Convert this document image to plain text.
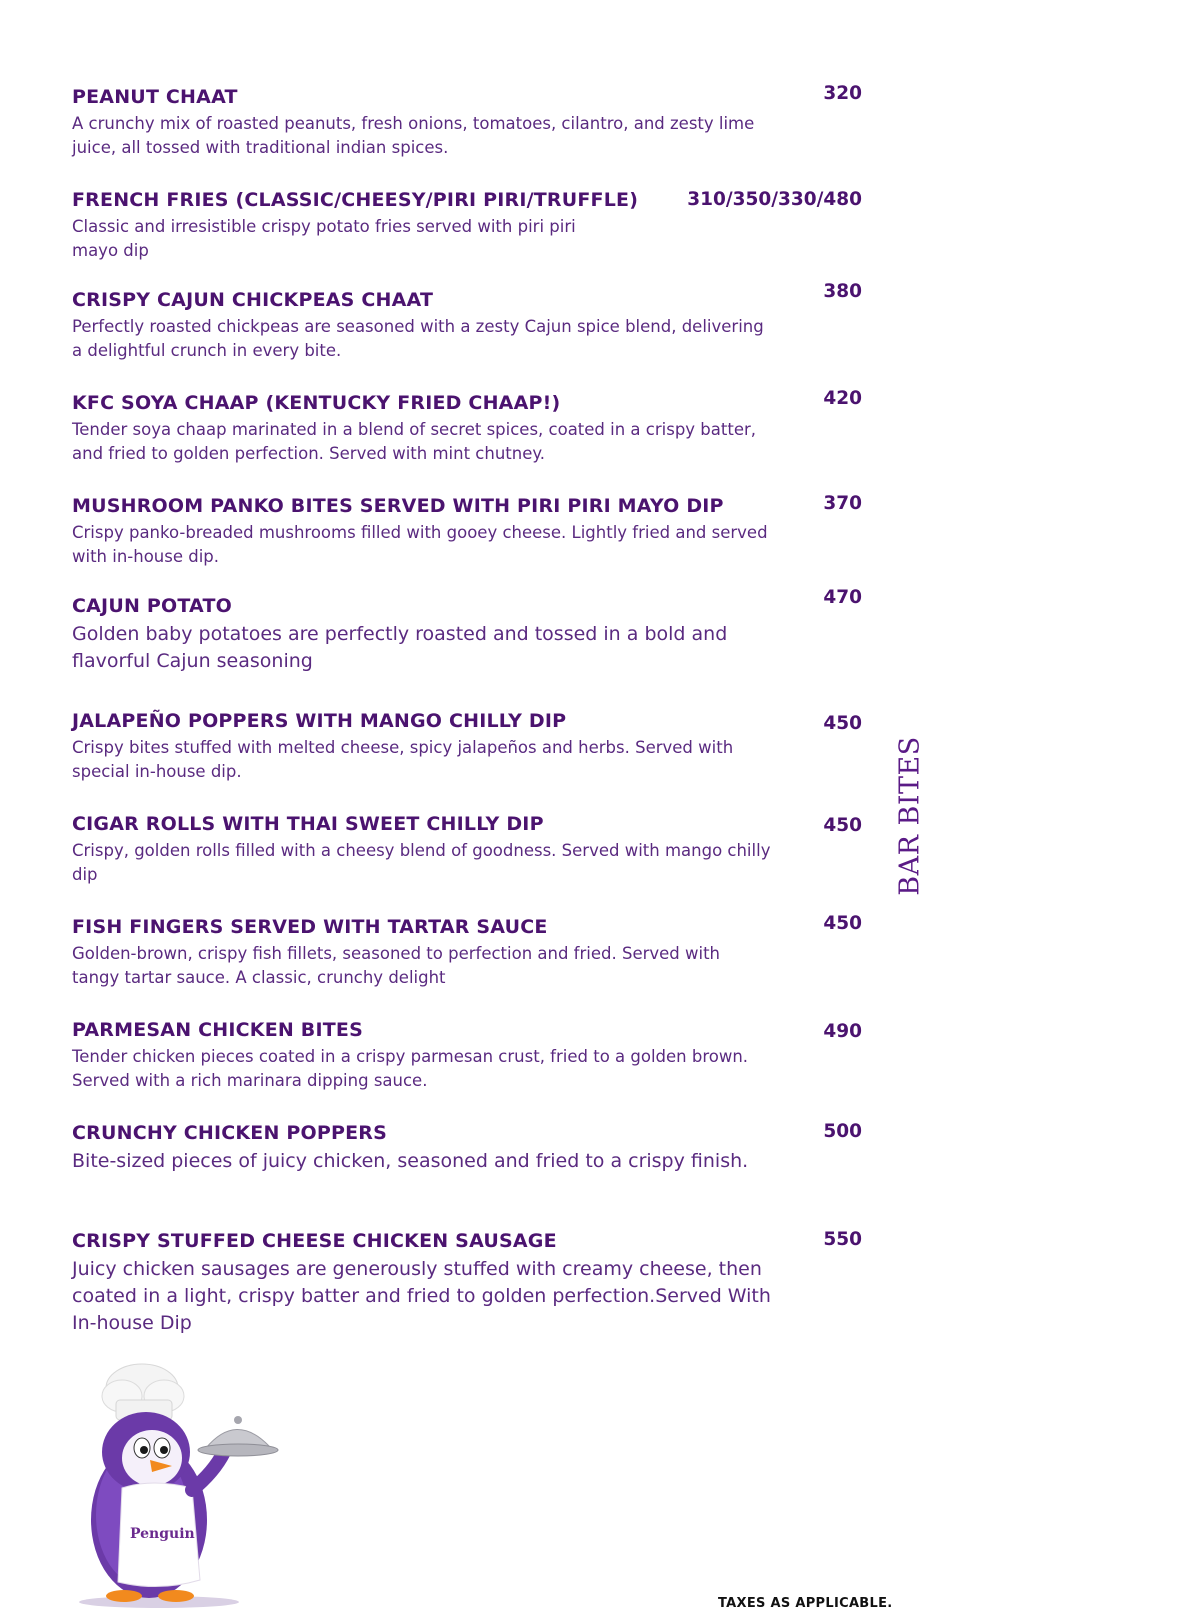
PEANUT CHAAT	320
A crunchy mix of roasted peanuts, fresh onions, tomatoes, cilantro, and zesty lime juice, all tossed with traditional indian spices.
FRENCH FRIES (CLASSIC/CHEESY/PIRI PIRI/TRUFFLE)	310/350/330/480
Classic and irresistible crispy potato fries served with piri piri mayo dip
CRISPY CAJUN CHICKPEAS CHAAT	380
Perfectly roasted chickpeas are seasoned with a zesty Cajun spice blend, delivering a delightful crunch in every bite.
KFC SOYA CHAAP (KENTUCKY FRIED CHAAP!)	420
Tender soya chaap marinated in a blend of secret spices, coated in a crispy batter, and fried to golden perfection. Served with mint chutney.
MUSHROOM PANKO BITES SERVED WITH PIRI PIRI MAYO DIP	370
Crispy panko-breaded mushrooms filled with gooey cheese. Lightly fried and served with in-house dip.
CAJUN POTATO	470
Golden baby potatoes are perfectly roasted and tossed in a bold and flavorful Cajun seasoning
JALAPEÑO POPPERS WITH MANGO CHILLY DIP	450
Crispy bites stuffed with melted cheese, spicy jalapeños and herbs. Served with special in-house dip.
CIGAR ROLLS WITH THAI SWEET CHILLY DIP	450
Crispy, golden rolls filled with a cheesy blend of goodness. Served with mango chilly dip
FISH FINGERS SERVED WITH TARTAR SAUCE	450
Golden-brown, crispy fish fillets, seasoned to perfection and fried. Served with tangy tartar sauce. A classic, crunchy delight
PARMESAN CHICKEN BITES	490
Tender chicken pieces coated in a crispy parmesan crust, fried to a golden brown. Served with a rich marinara dipping sauce.
CRUNCHY CHICKEN POPPERS	500
Bite-sized pieces of juicy chicken, seasoned and fried to a crispy finish.
CRISPY STUFFED CHEESE CHICKEN SAUSAGE	550
Juicy chicken sausages are generously stuffed with creamy cheese, then coated in a light, crispy batter and fried to golden perfection.Served With In-house Dip
BAR BITES
Penguin
TAXES AS APPLICABLE.
